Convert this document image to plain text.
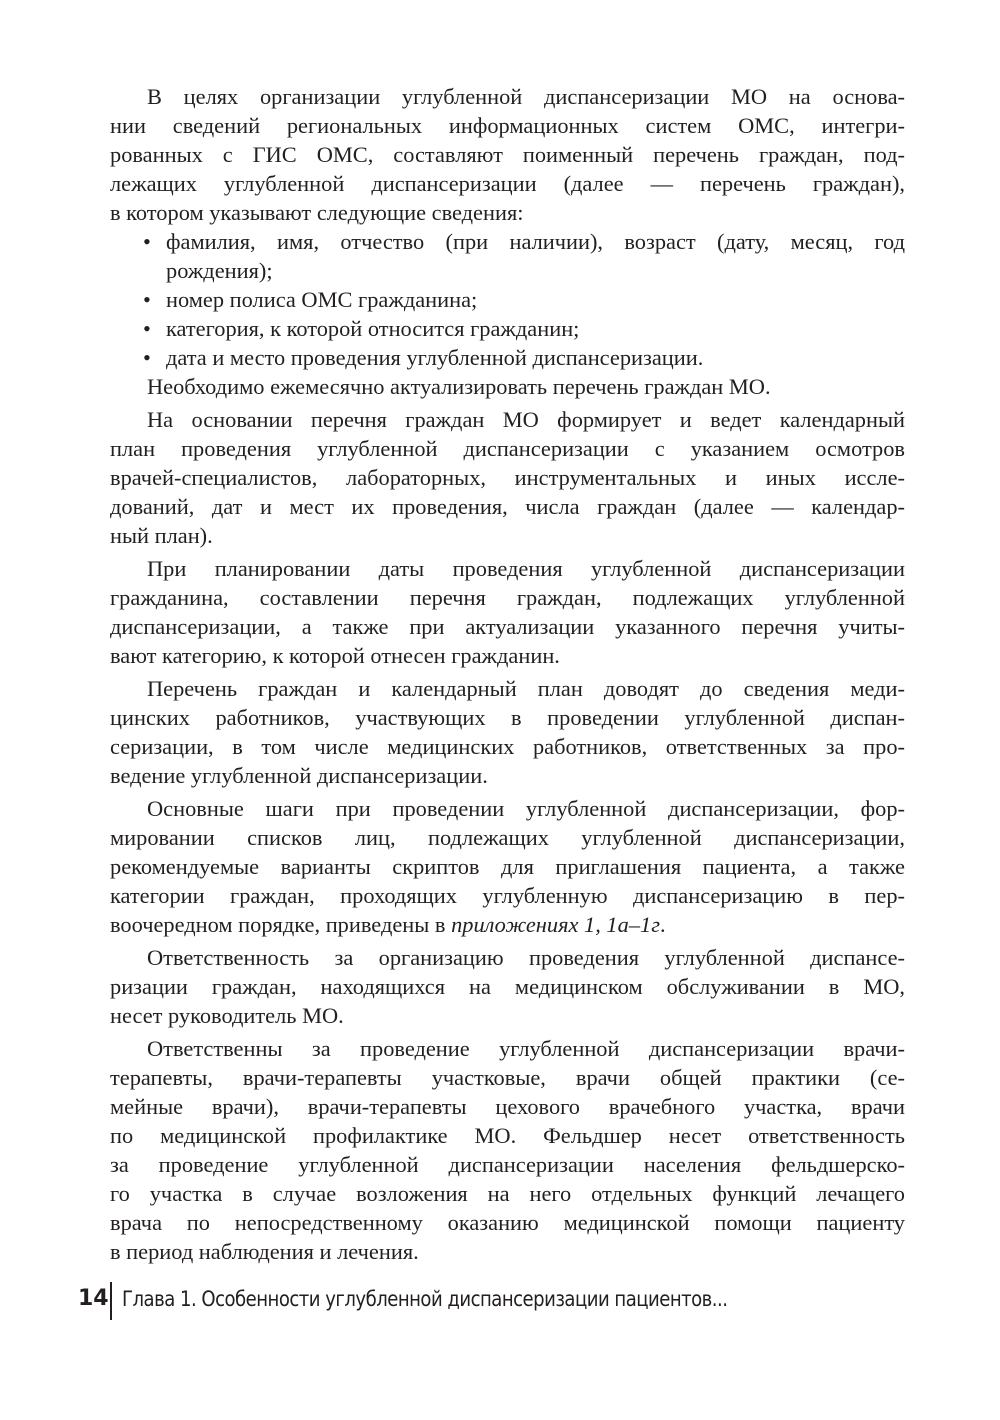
В целях организации углубленной диспансеризации МО на основа-
нии сведений региональных информационных систем ОМС, интегри-
рованных с ГИС ОМС, составляют поименный перечень граждан, под-
лежащих углубленной диспансеризации (далее — перечень граждан),
в котором указывают следующие сведения:
• фамилия, имя, отчество (при наличии), возраст (дату, месяц, год
рождения);
• номер полиса ОМС гражданина;
• категория, к которой относится гражданин;
• дата и место проведения углубленной диспансеризации.
Необходимо ежемесячно актуализировать перечень граждан МО.
На основании перечня граждан МО формирует и ведет календарный
план проведения углубленной диспансеризации с указанием осмотров
врачей-специалистов, лабораторных, инструментальных и иных иссле-
дований, дат и мест их проведения, числа граждан (далее — календар-
ный план).
При планировании даты проведения углубленной диспансеризации
гражданина, составлении перечня граждан, подлежащих углубленной
диспансеризации, а также при актуализации указанного перечня учиты-
вают категорию, к которой отнесен гражданин.
Перечень граждан и календарный план доводят до сведения меди-
цинских работников, участвующих в проведении углубленной диспан-
серизации, в том числе медицинских работников, ответственных за про-
ведение углубленной диспансеризации.
Основные шаги при проведении углубленной диспансеризации, фор-
мировании списков лиц, подлежащих углубленной диспансеризации,
рекомендуемые варианты скриптов для приглашения пациента, а также
категории граждан, проходящих углубленную диспансеризацию в пер-
воочередном порядке, приведены в приложениях 1, 1а–1г.
Ответственность за организацию проведения углубленной диспансе-
ризации граждан, находящихся на медицинском обслуживании в МО,
несет руководитель МО.
Ответственны за проведение углубленной диспансеризации врачи-
терапевты, врачи-терапевты участковые, врачи общей практики (се-
мейные врачи), врачи-терапевты цехового врачебного участка, врачи
по медицинской профилактике МО. Фельдшер несет ответственность
за проведение углубленной диспансеризации населения фельдшерско-
го участка в случае возложения на него отдельных функций лечащего
врача по непосредственному оказанию медицинской помощи пациенту
в период наблюдения и лечения.
14 Глава 1. Особенности углубленной диспансеризации пациентов...
